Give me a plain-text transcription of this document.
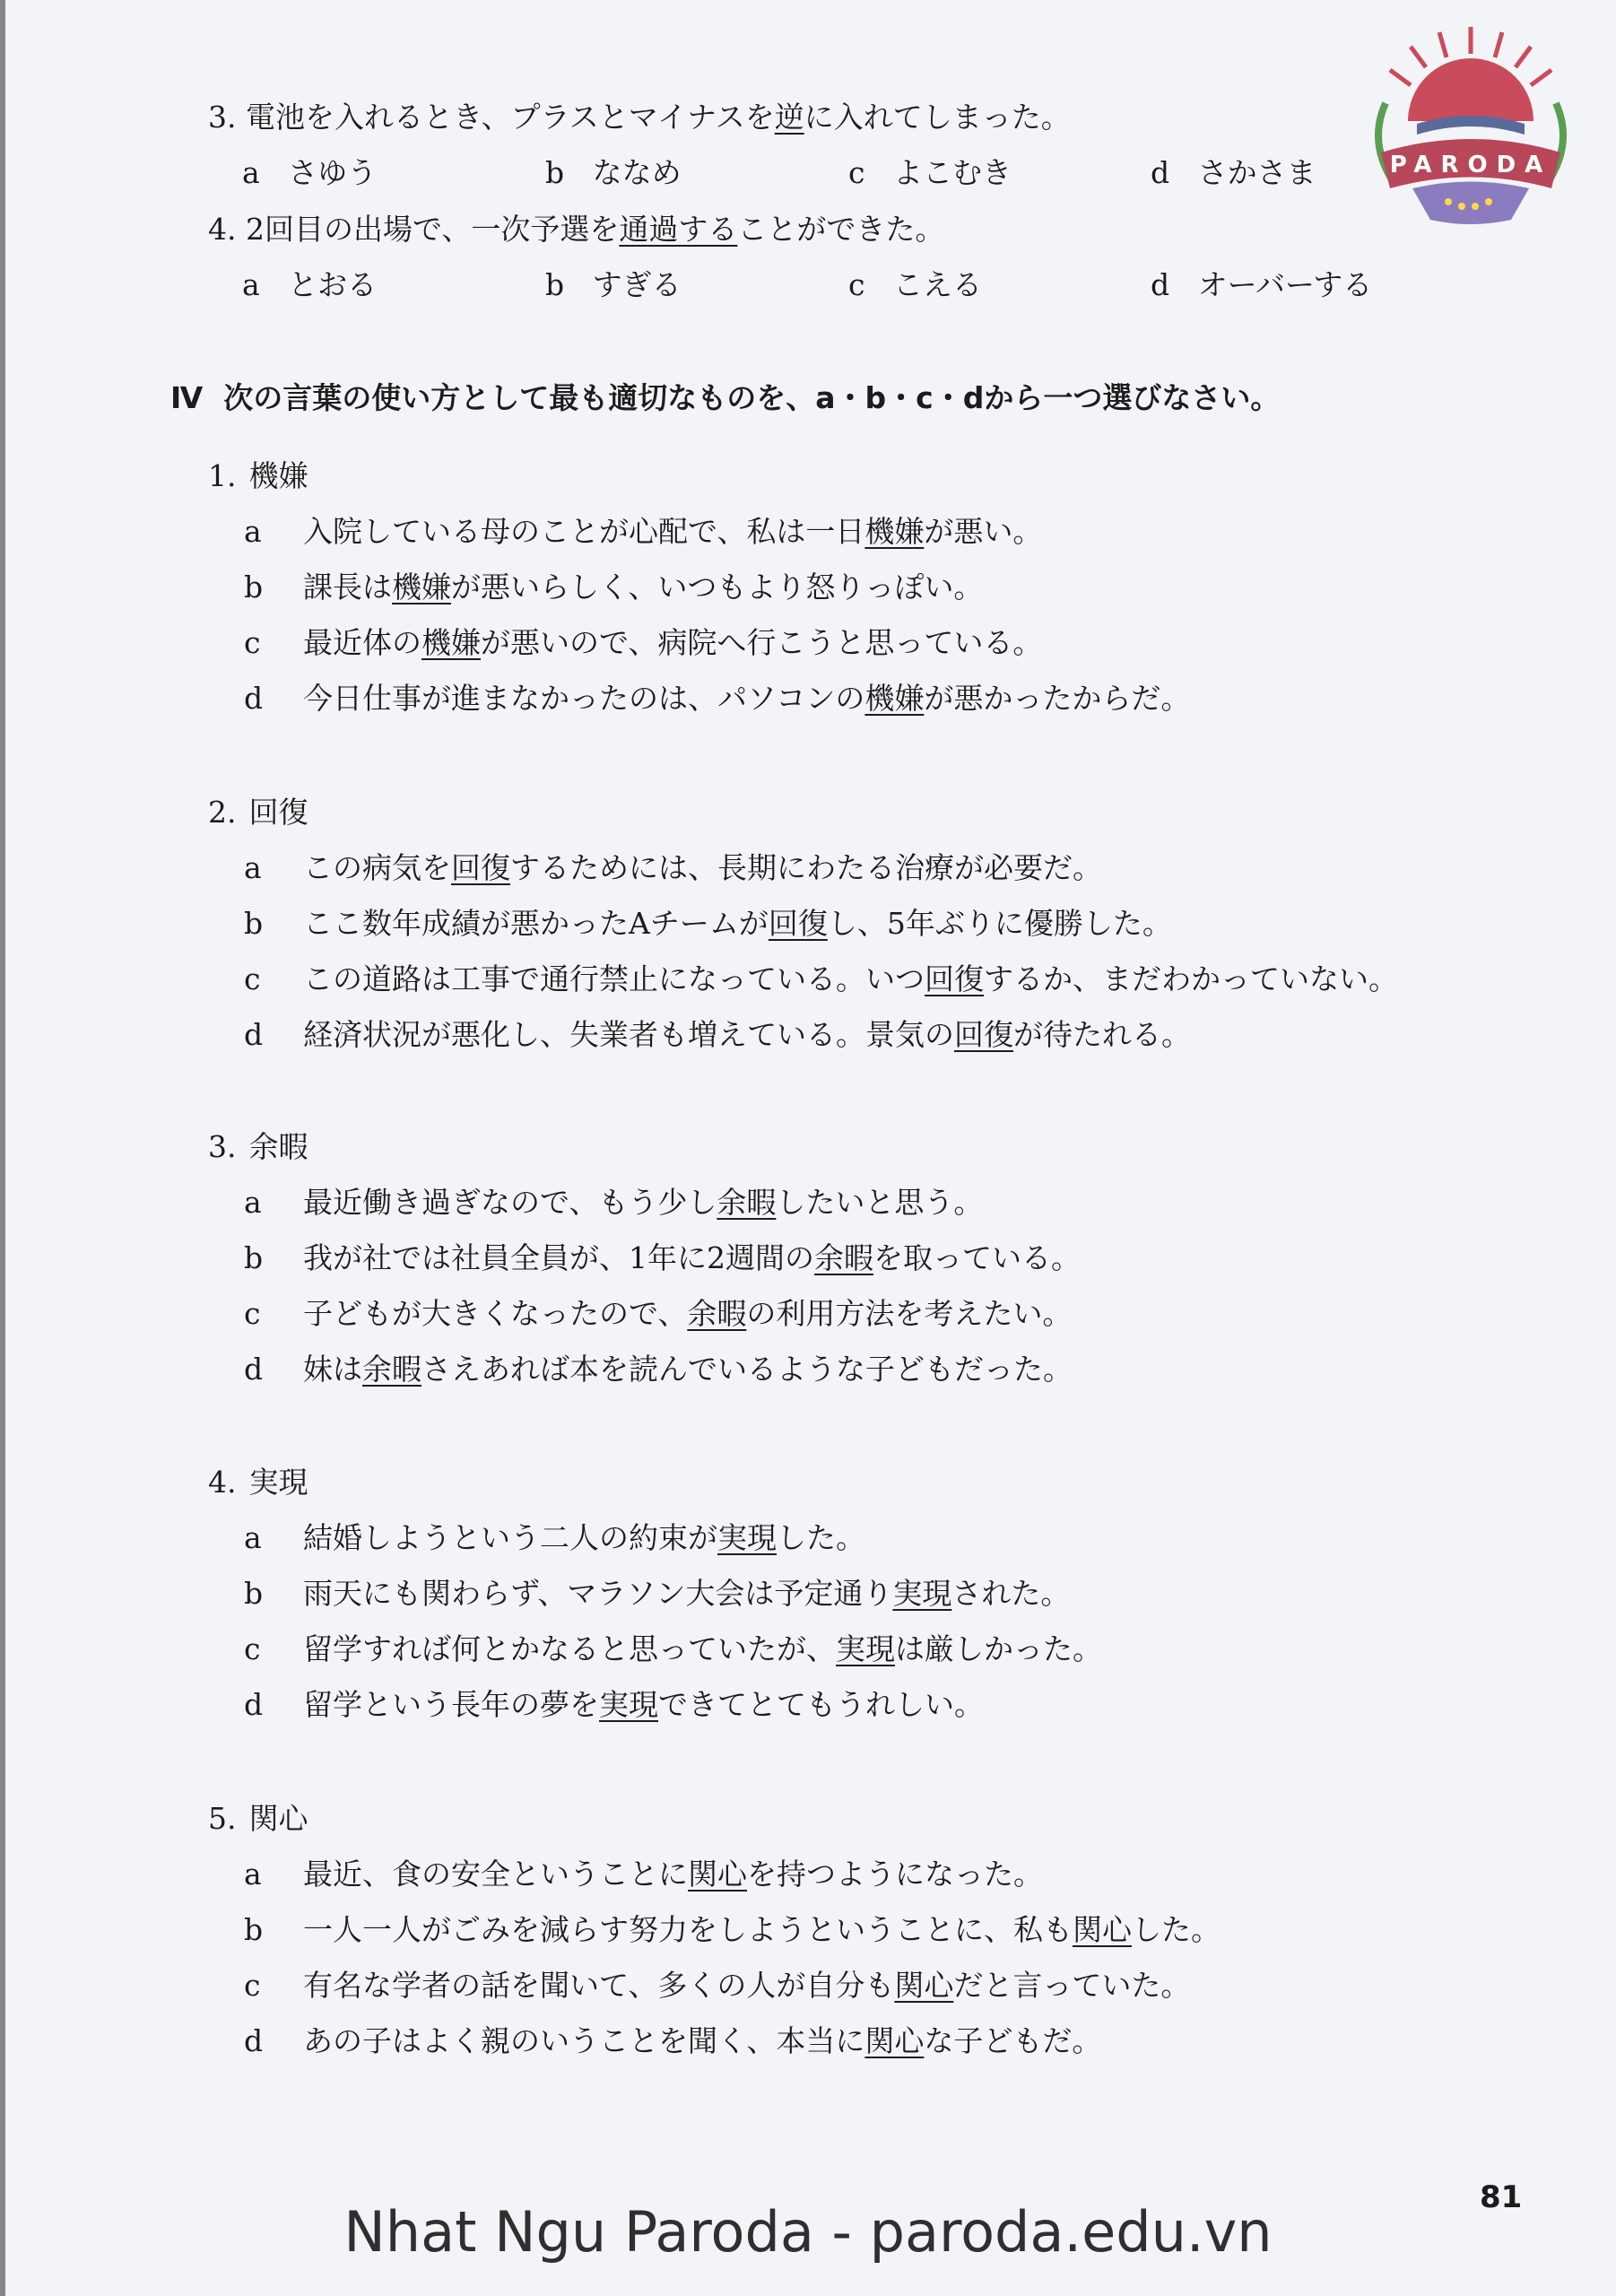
PARODA
3. 電池を入れるとき、プラスとマイナスを逆に入れてしまった。
a さゆう	b ななめ	c よこむき	d さかさま
4. 2回目の出場で、一次予選を通過することができた。
a とおる	b すぎる	c こえる	d オーバーする
Ⅳ 次の言葉の使い方として最も適切なものを、a・b・c・dから一つ選びなさい。
1. 機嫌
a 入院している母のことが心配で、私は一日機嫌が悪い。
b 課長は機嫌が悪いらしく、いつもより怒りっぽい。
c 最近体の機嫌が悪いので、病院へ行こうと思っている。
d 今日仕事が進まなかったのは、パソコンの機嫌が悪かったからだ。
2. 回復
a この病気を回復するためには、長期にわたる治療が必要だ。
b ここ数年成績が悪かったAチームが回復し、5年ぶりに優勝した。
c この道路は工事で通行禁止になっている。いつ回復するか、まだわかっていない。
d 経済状況が悪化し、失業者も増えている。景気の回復が待たれる。
3. 余暇
a 最近働き過ぎなので、もう少し余暇したいと思う。
b 我が社では社員全員が、1年に2週間の余暇を取っている。
c 子どもが大きくなったので、余暇の利用方法を考えたい。
d 妹は余暇さえあれば本を読んでいるような子どもだった。
4. 実現
a 結婚しようという二人の約束が実現した。
b 雨天にも関わらず、マラソン大会は予定通り実現された。
c 留学すれば何とかなると思っていたが、実現は厳しかった。
d 留学という長年の夢を実現できてとてもうれしい。
5. 関心
a 最近、食の安全ということに関心を持つようになった。
b 一人一人がごみを減らす努力をしようということに、私も関心した。
c 有名な学者の話を聞いて、多くの人が自分も関心だと言っていた。
d あの子はよく親のいうことを聞く、本当に関心な子どもだ。
81
Nhat Ngu Paroda - paroda.edu.vn
